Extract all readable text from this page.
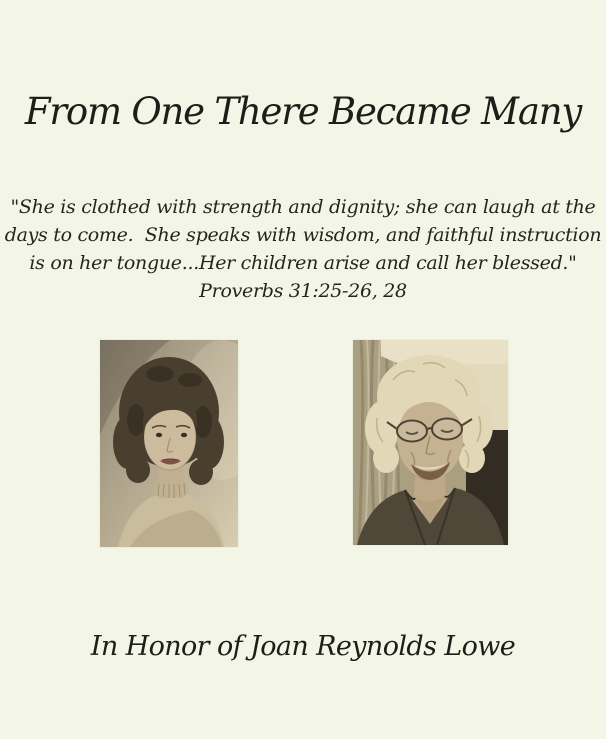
From One There Became Many
"She is clothed with strength and dignity; she can laugh at the
days to come.  She speaks with wisdom, and faithful instruction
is on her tongue...Her children arise and call her blessed."
Proverbs 31:25-26, 28
In Honor of Joan Reynolds Lowe
